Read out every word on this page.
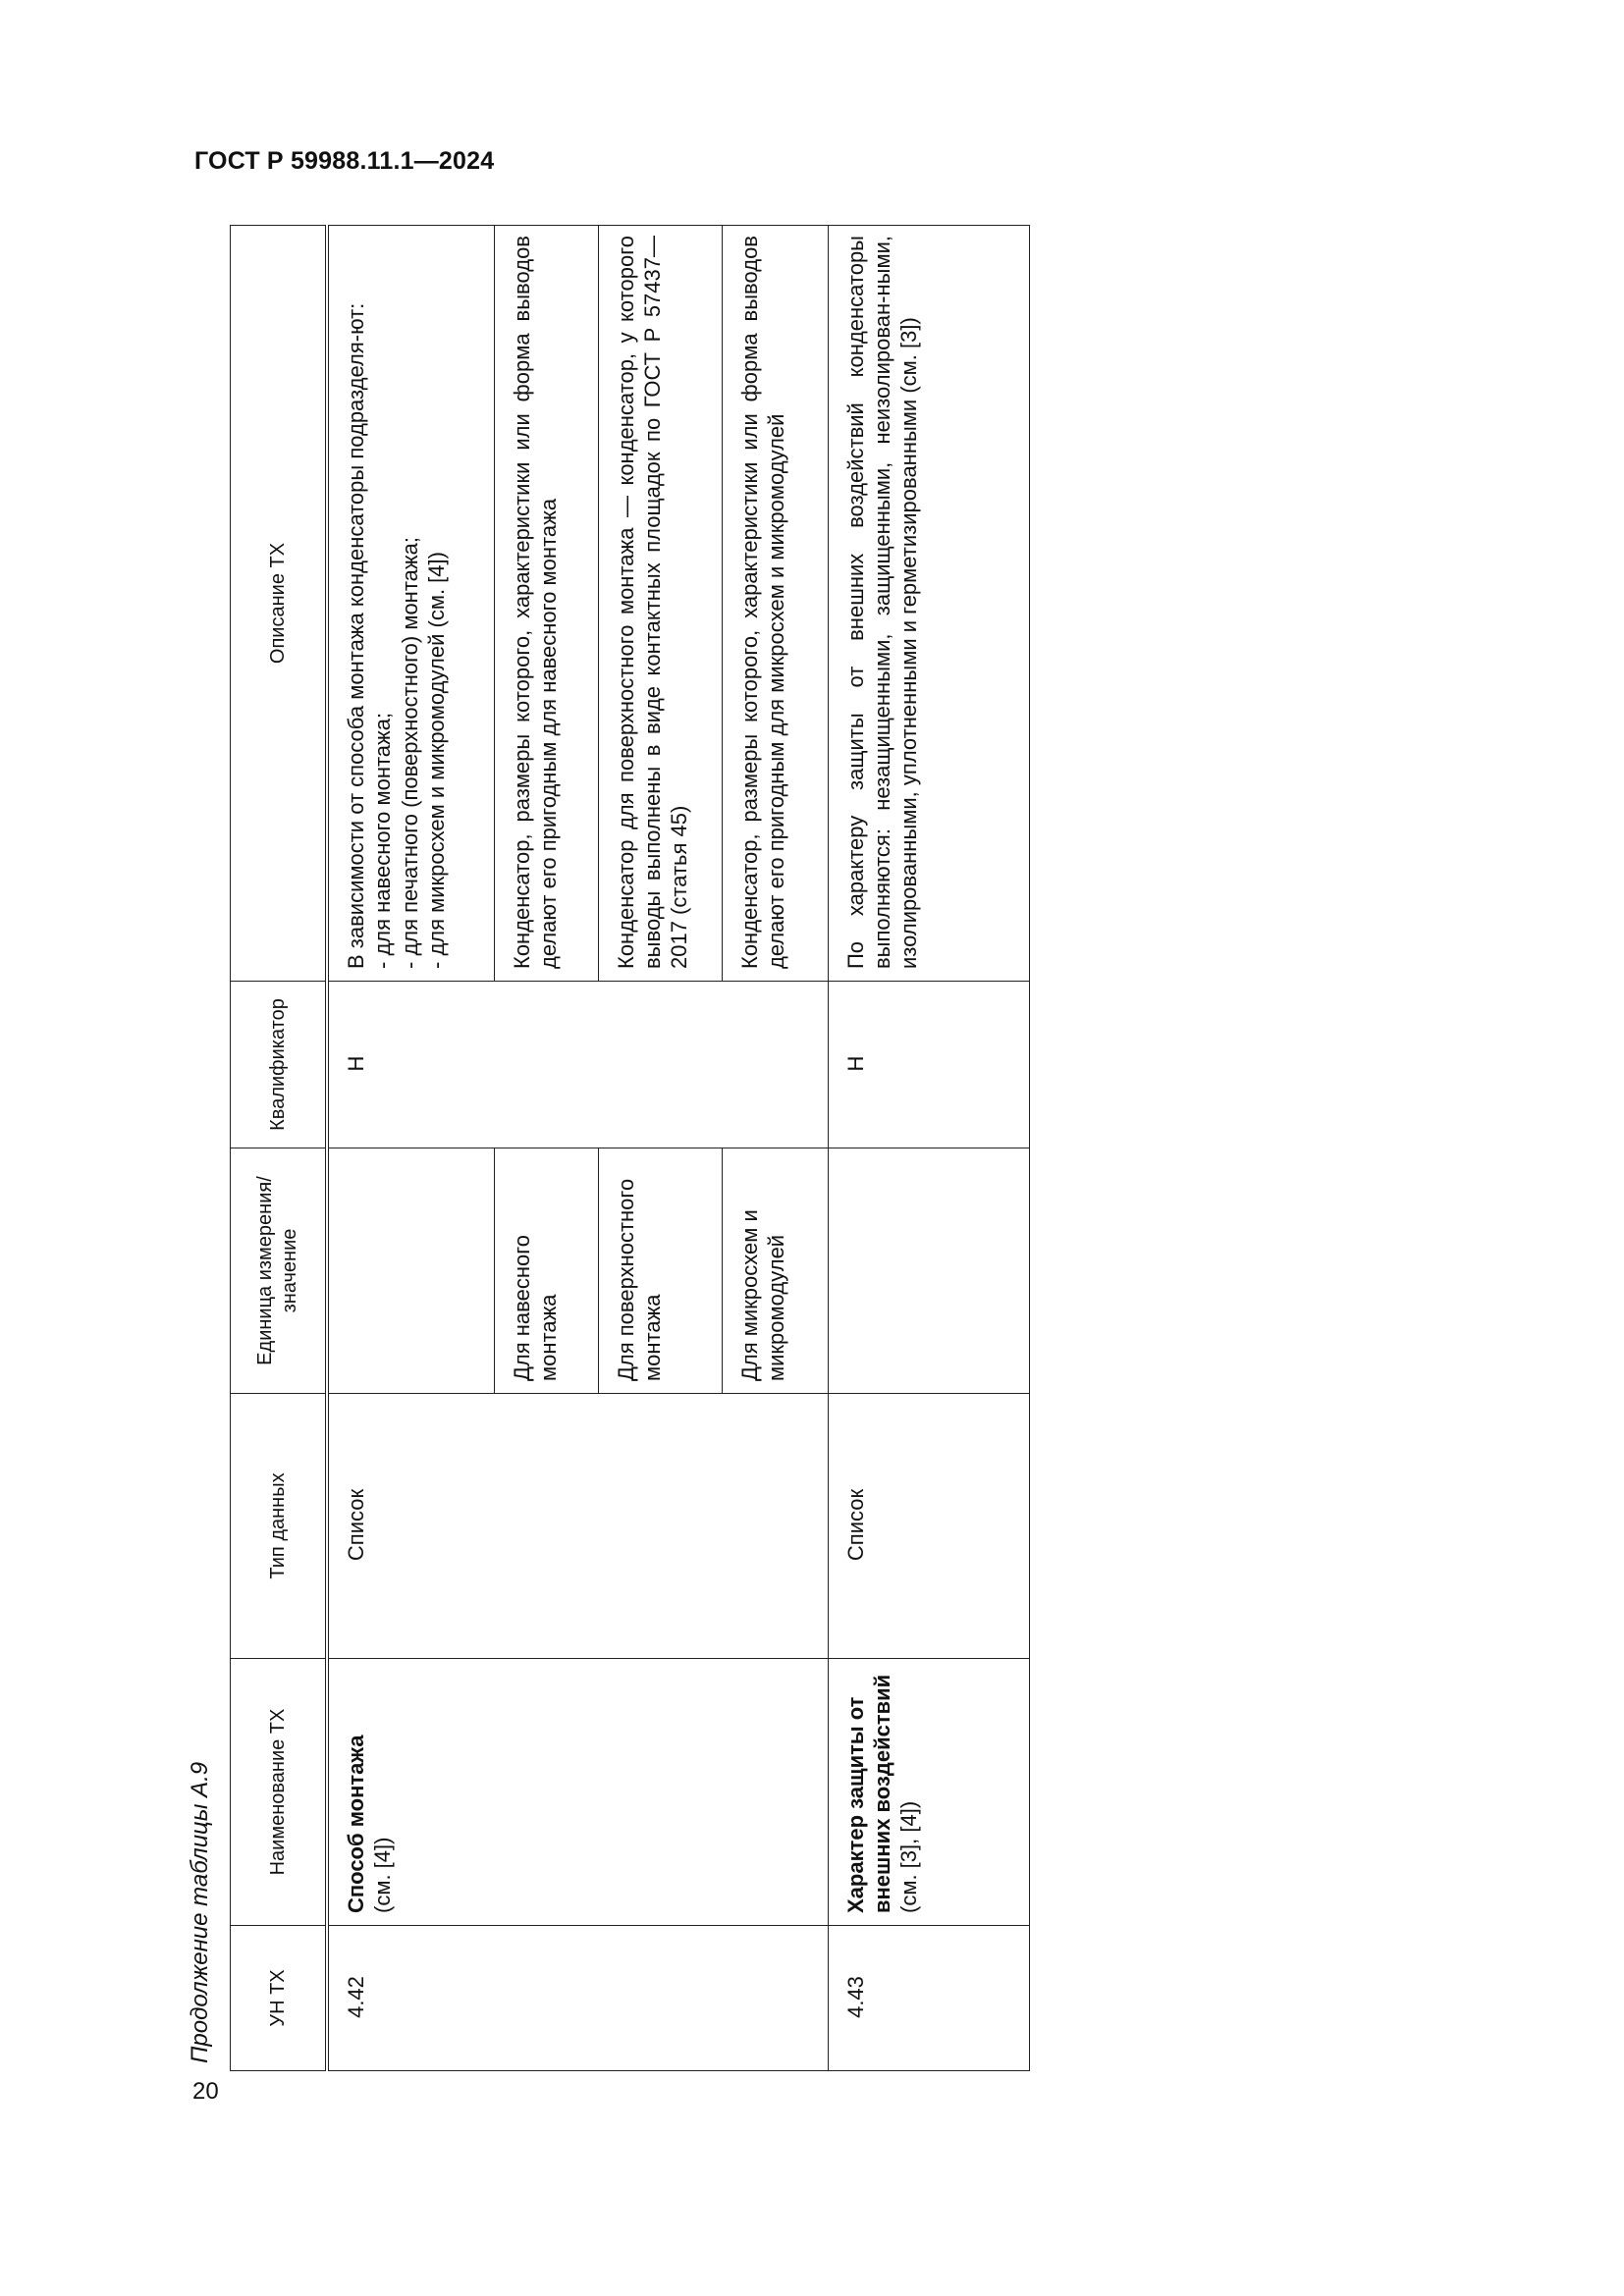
ГОСТ Р 59988.11.1—2024
20
Продолжение таблицы А.9	УН ТХ	Наименование ТХ	Тип данных	Единица измерения/ значение	Квалификатор	Описание ТХ
4.42	Способ монтажа (см. [4])	Список		Н	В зависимости от способа монтажа конденсаторы подразделя-ют: - для навесного монтажа; - для печатного (поверхностного) монтажа; - для микросхем и микромодулей (см. [4])

			Для навесного монтажа		Конденсатор, размеры которого, характеристики или форма выводов делают его пригодным для навесного монтажа
			Для поверхностного монтажа		Конденсатор для поверхностного монтажа — конденсатор, у которого выводы выполнены в виде контактных площадок по ГОСТ Р 57437—2017 (статья 45)
			Для микросхем и микромодулей		Конденсатор, размеры которого, характеристики или форма выводов делают его пригодным для микросхем и микромодулей
4.43	Характер защиты от внешних воздействий (см. [3], [4])	Список		Н	По характеру защиты от внешних воздействий конденсаторы выполняются: незащищенными, защищенными, неизолирован-ными, изолированными, уплотненными и герметизированными (см. [3])
